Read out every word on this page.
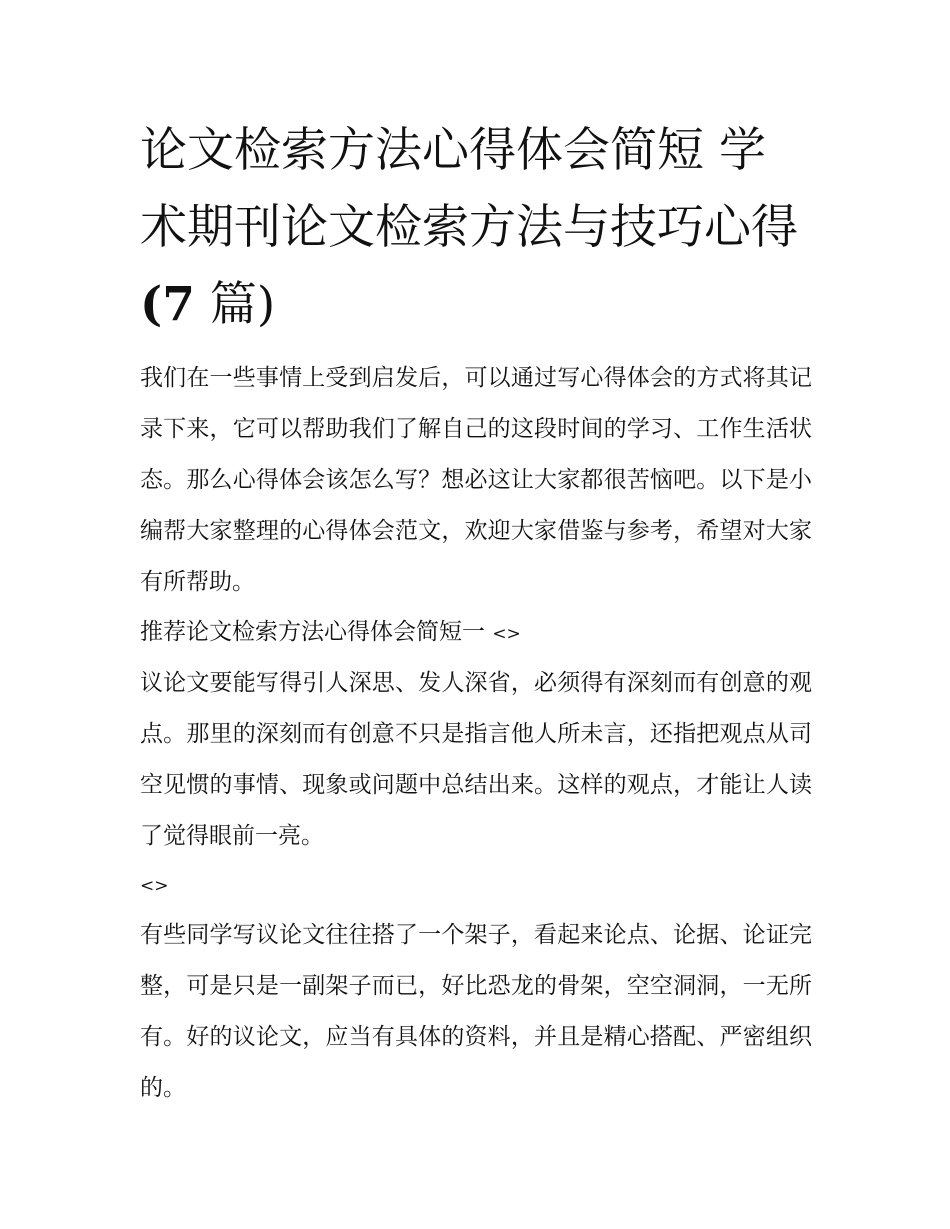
论文检索方法心得体会简短 学术期刊论文检索方法与技巧心得(7 篇)

我们在一些事情上受到启发后，可以通过写心得体会的方式将其记录下来，它可以帮助我们了解自己的这段时间的学习、工作生活状态。那么心得体会该怎么写？想必这让大家都很苦恼吧。以下是小编帮大家整理的心得体会范文，欢迎大家借鉴与参考，希望对大家有所帮助。

推荐论文检索方法心得体会简短一 <>

议论文要能写得引人深思、发人深省，必须得有深刻而有创意的观点。那里的深刻而有创意不只是指言他人所未言，还指把观点从司空见惯的事情、现象或问题中总结出来。这样的观点，才能让人读了觉得眼前一亮。

<>

有些同学写议论文往往搭了一个架子，看起来论点、论据、论证完整，可是只是一副架子而已，好比恐龙的骨架，空空洞洞，一无所有。好的议论文，应当有具体的资料，并且是精心搭配、严密组织的。
